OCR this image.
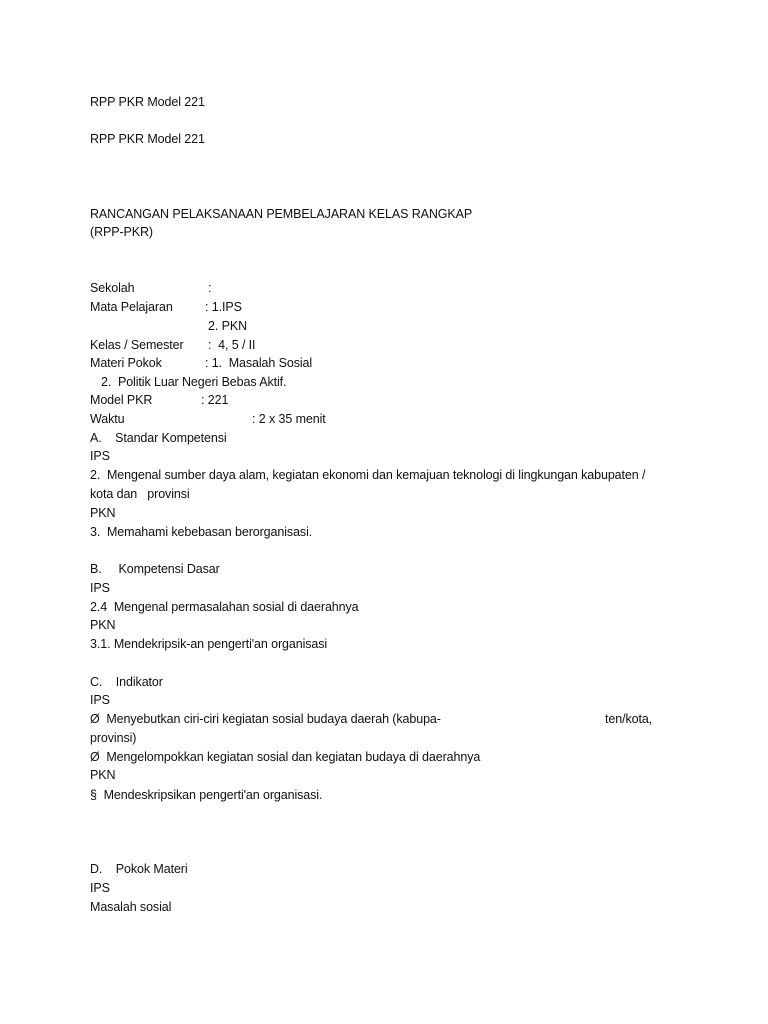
RPP PKR Model 221
RPP PKR Model 221
RANCANGAN PELAKSANAAN PEMBELAJARAN KELAS RANGKAP
(RPP-PKR)
Sekolah	:
Mata Pelajaran	: 1.IPS
2. PKN
Kelas / Semester :  4, 5 / II
Materi Pokok	: 1.  Masalah Sosial
2.  Politik Luar Negeri Bebas Aktif.
Model PKR	: 221
Waktu	: 2 x 35 menit
A.    Standar Kompetensi
IPS
2.  Mengenal sumber daya alam, kegiatan ekonomi dan kemajuan teknologi di lingkungan kabupaten /
kota dan   provinsi
PKN
3.  Memahami kebebasan berorganisasi.
B.     Kompetensi Dasar
IPS
2.4  Mengenal permasalahan sosial di daerahnya
PKN
3.1. Mendekripsik-an pengerti'an organisasi
C.    Indikator
IPS
Ø  Menyebutkan ciri-ciri kegiatan sosial budaya daerah (kabupa-	ten/kota,
provinsi)
Ø  Mengelompokkan kegiatan sosial dan kegiatan budaya di daerahnya
PKN
§  Mendeskripsikan pengerti'an organisasi.
D.    Pokok Materi
IPS
Masalah sosial
